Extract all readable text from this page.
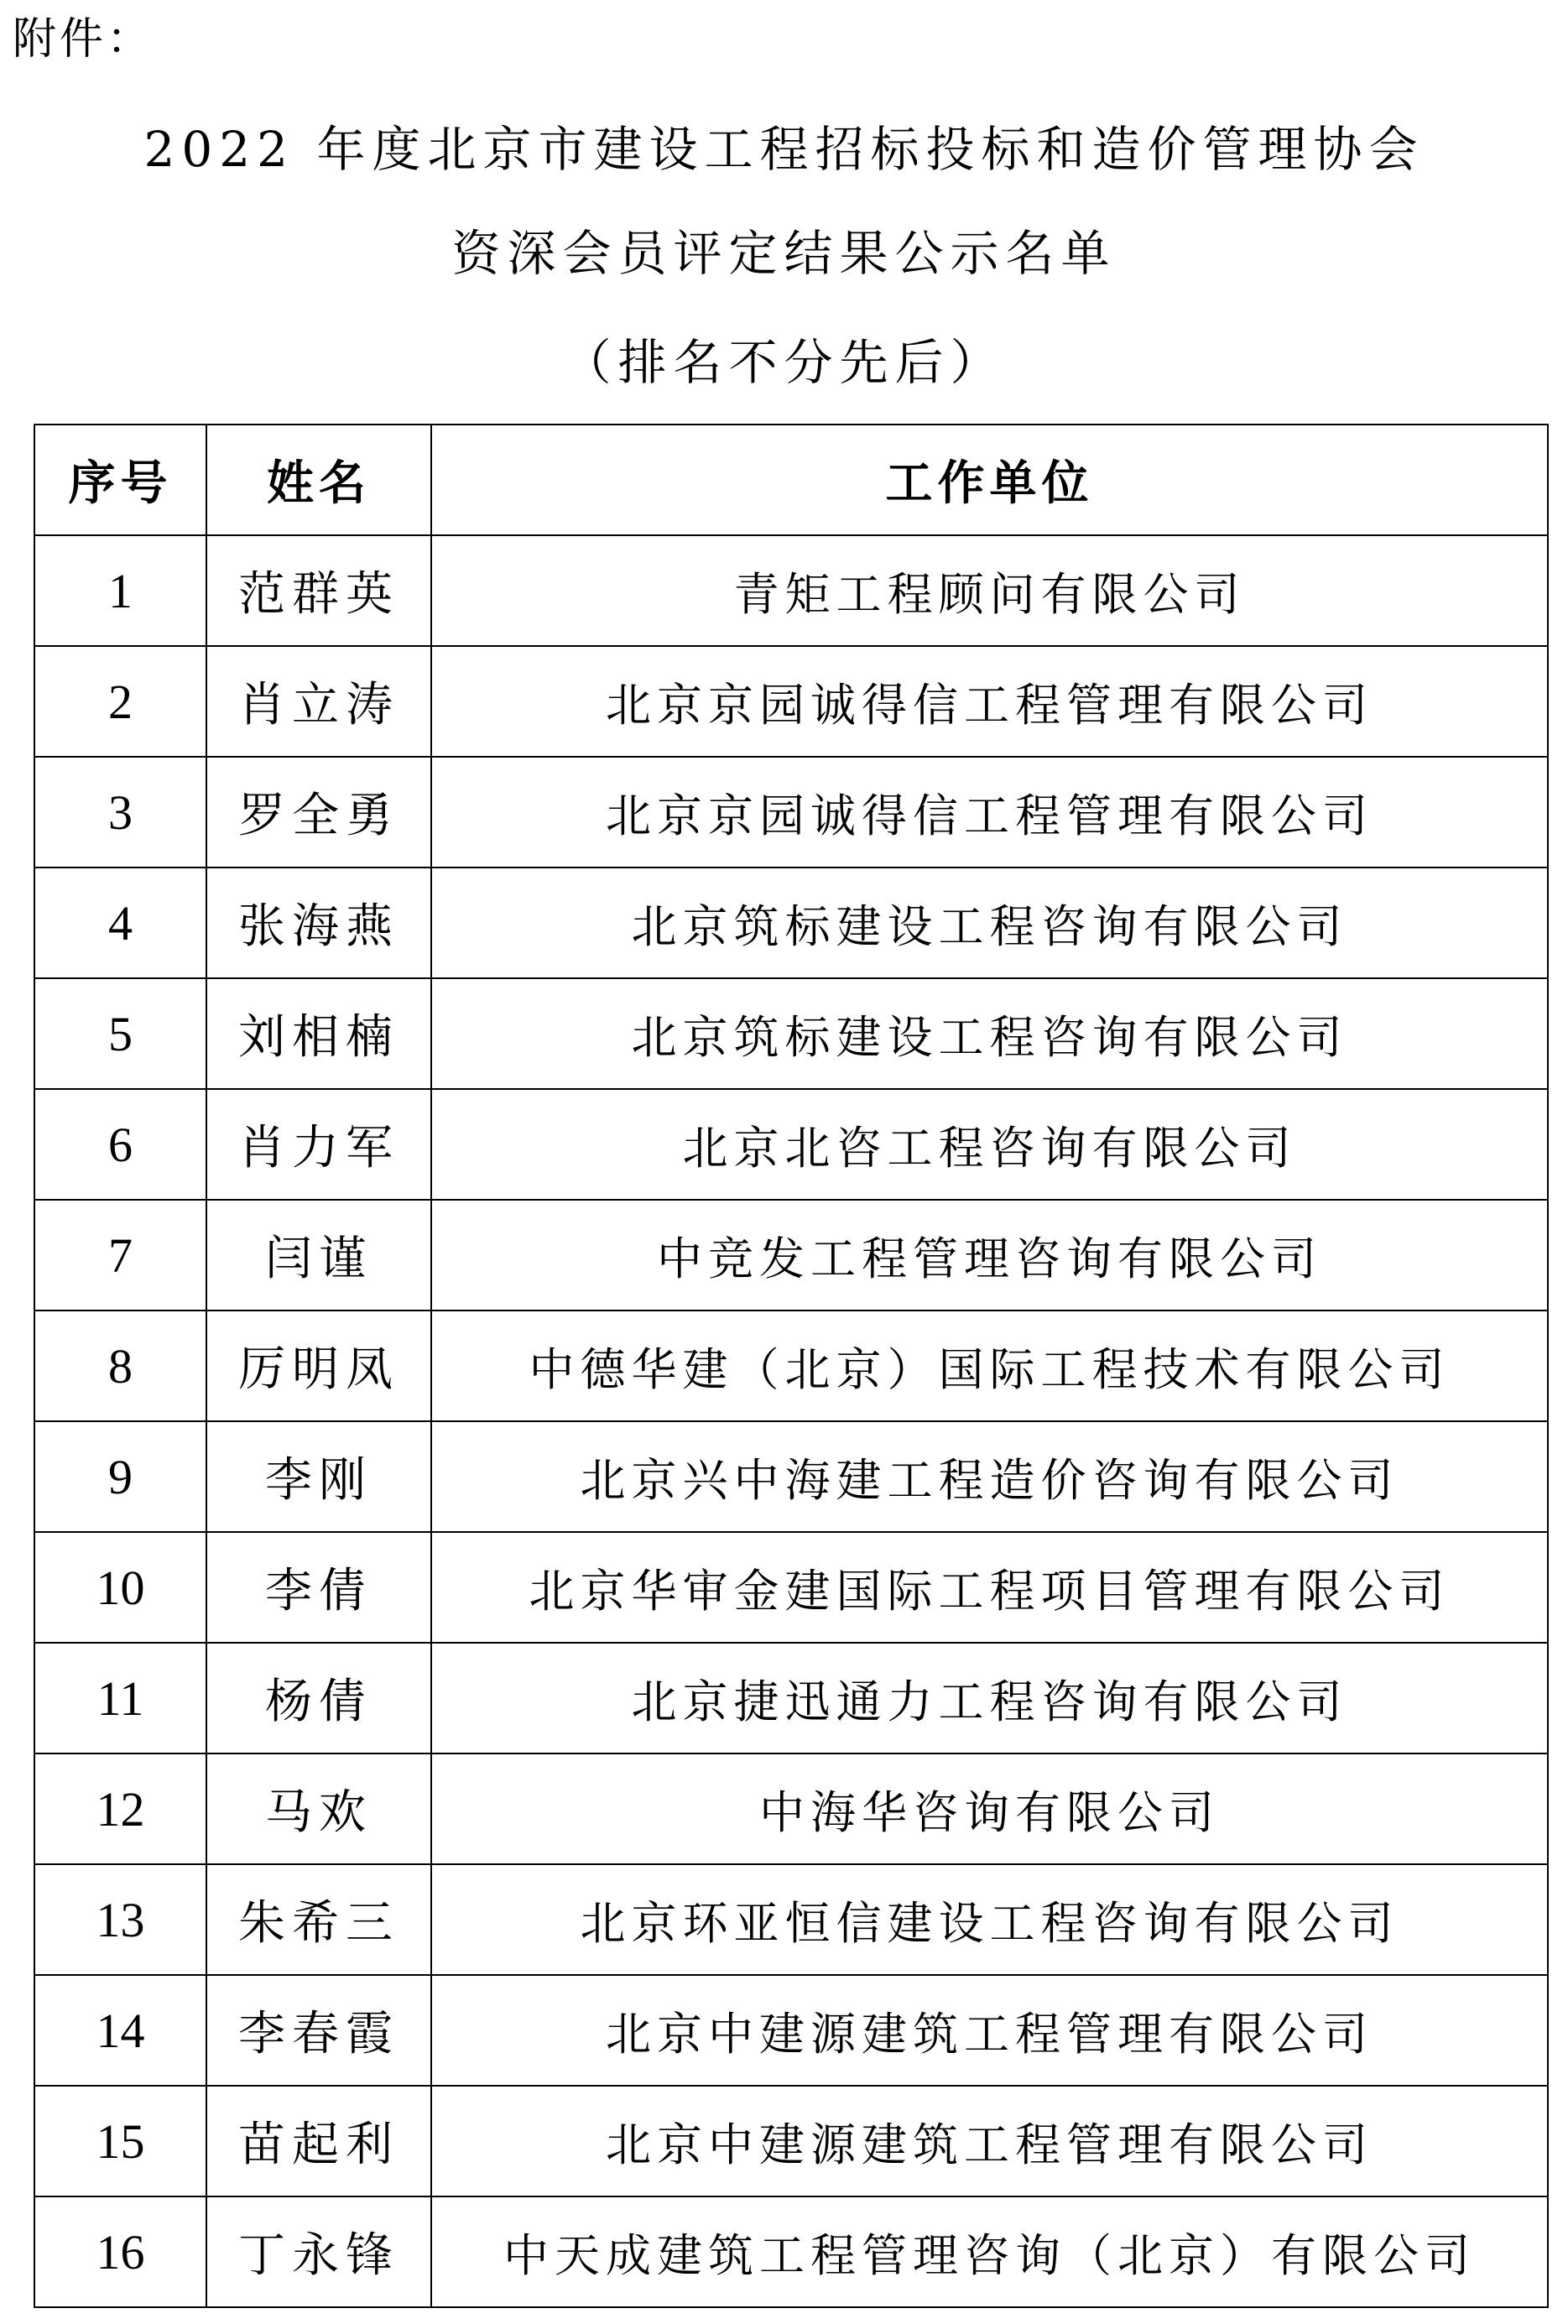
附件：
2022 年度北京市建设工程招标投标和造价管理协会
资深会员评定结果公示名单
（排名不分先后）
序号	姓名	工作单位
1	范群英	青矩工程顾问有限公司
2	肖立涛	北京京园诚得信工程管理有限公司
3	罗全勇	北京京园诚得信工程管理有限公司
4	张海燕	北京筑标建设工程咨询有限公司
5	刘相楠	北京筑标建设工程咨询有限公司
6	肖力军	北京北咨工程咨询有限公司
7	闫谨	中竞发工程管理咨询有限公司
8	厉明凤	中德华建（北京）国际工程技术有限公司
9	李刚	北京兴中海建工程造价咨询有限公司
10	李倩	北京华审金建国际工程项目管理有限公司
11	杨倩	北京捷迅通力工程咨询有限公司
12	马欢	中海华咨询有限公司
13	朱希三	北京环亚恒信建设工程咨询有限公司
14	李春霞	北京中建源建筑工程管理有限公司
15	苗起利	北京中建源建筑工程管理有限公司
16	丁永锋	中天成建筑工程管理咨询（北京）有限公司
